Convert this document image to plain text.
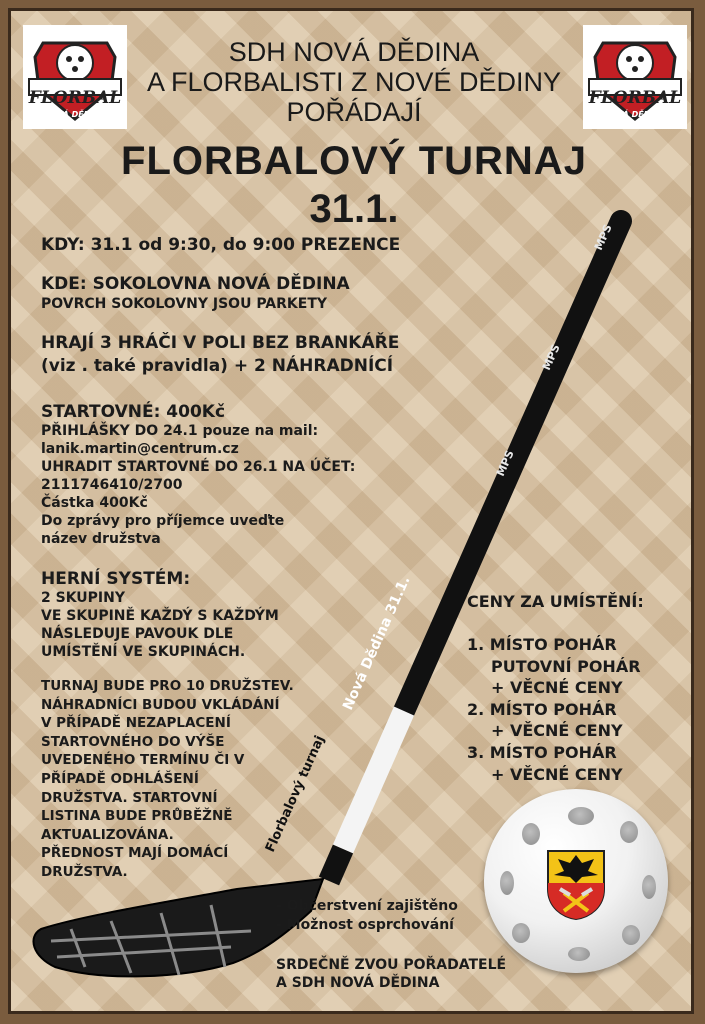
FLORBAL
NOVÁ DĚDINA
FLORBAL
NOVÁ DĚDINA
SDH NOVÁ DĚDINA
A FLORBALISTI Z NOVÉ DĚDINY
POŘÁDAJÍ
FLORBALOVÝ TURNAJ
31.1.
MPS
MPS
MPS
Nová Dědina 31.1.
Florbalový turnaj
KDY: 31.1 od 9:30, do 9:00 PREZENCE
KDE: SOKOLOVNA NOVÁ DĚDINA
POVRCH SOKOLOVNY JSOU PARKETY
HRAJÍ 3 HRÁČI V POLI BEZ BRANKÁŘE
(viz . také pravidla) + 2 NÁHRADNÍCÍ
STARTOVNÉ: 400Kč
PŘIHLÁŠKY DO 24.1 pouze na mail:
lanik.martin@centrum.cz
UHRADIT STARTOVNÉ DO 26.1 NA ÚČET:
2111746410/2700
Částka 400Kč
Do zprávy pro příjemce uveďte
název družstva
HERNÍ SYSTÉM:
2 SKUPINY
VE SKUPINĚ KAŽDÝ S KAŽDÝM
NÁSLEDUJE PAVOUK DLE
UMÍSTĚNÍ VE SKUPINÁCH.
TURNAJ BUDE PRO 10 DRUŽSTEV.
NÁHRADNÍCI BUDOU VKLÁDÁNÍ
V PŘÍPADĚ NEZAPLACENÍ
STARTOVNÉHO DO VÝŠE
UVEDENÉHO TERMÍNU ČI V
PŘÍPADĚ ODHLÁŠENÍ
DRUŽSTVA. STARTOVNÍ
LISTINA BUDE PRŮBĚŽNĚ
AKTUALIZOVÁNA.
PŘEDNOST MAJÍ DOMÁCÍ
DRUŽSTVA.
CENY ZA UMÍSTĚNÍ:
1. MÍSTO POHÁR
PUTOVNÍ POHÁR
+ VĚCNÉ CENY
2. MÍSTO POHÁR
+ VĚCNÉ CENY
3. MÍSTO POHÁR
+ VĚCNÉ CENY
- Občerstvení zajištěno
- Možnost osprchování
SRDEČNĚ ZVOU POŘADATELÉ
A SDH NOVÁ DĚDINA
